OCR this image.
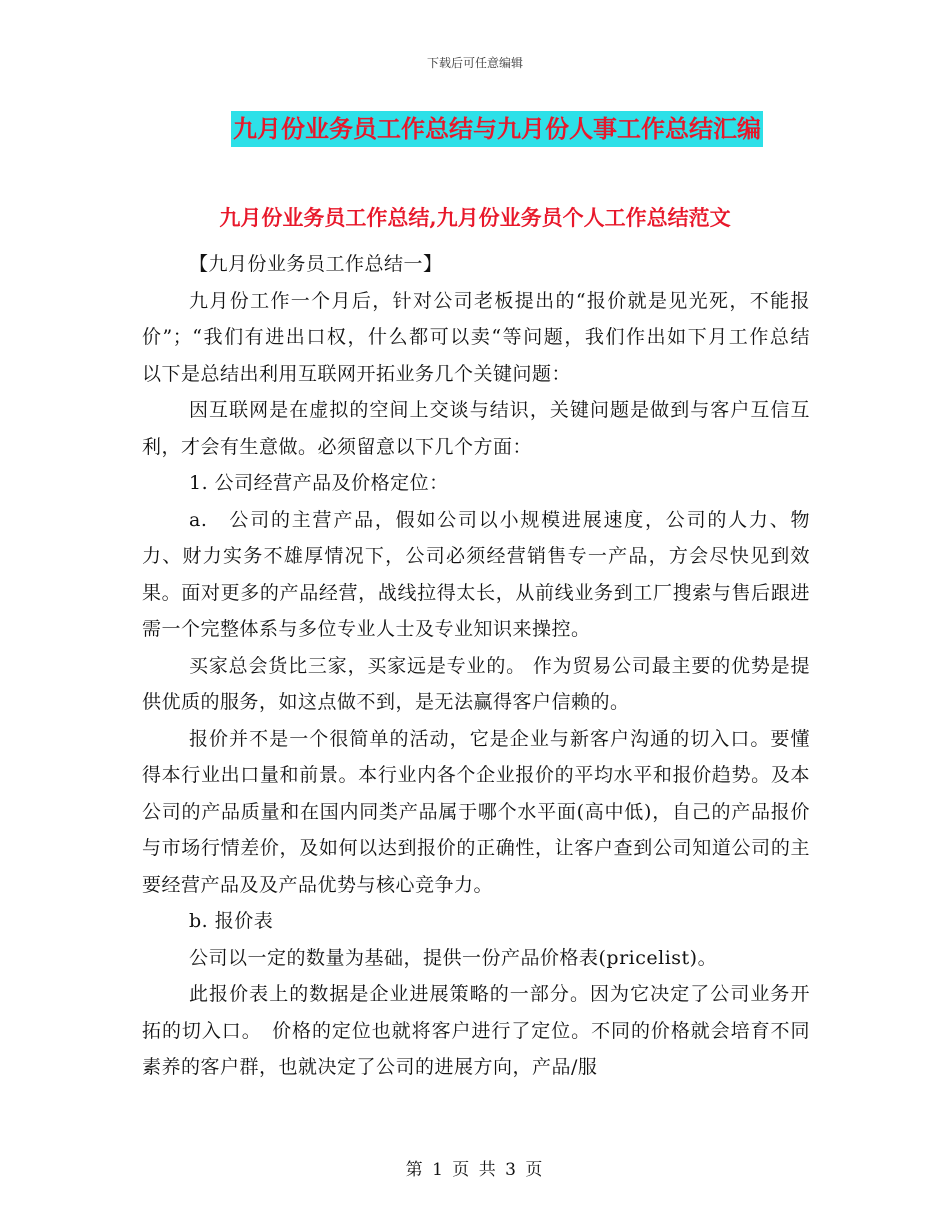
下载后可任意编辑
九月份业务员工作总结与九月份人事工作总结汇编
九月份业务员工作总结,九月份业务员个人工作总结范文

【九月份业务员工作总结一】

九月份工作一个月后，针对公司老板提出的“报价就是见光死，不能报价”；“我们有进出口权，什么都可以卖“等问题，我们作出如下月工作总结　以下是总结出利用互联网开拓业务几个关键问题：

因互联网是在虚拟的空间上交谈与结识，关键问题是做到与客户互信互利，才会有生意做。必须留意以下几个方面：

1. 公司经营产品及价格定位：

a.　公司的主营产品，假如公司以小规模进展速度，公司的人力、物力、财力实务不雄厚情况下，公司必须经营销售专一产品，方会尽快见到效果。面对更多的产品经营，战线拉得太长，从前线业务到工厂搜索与售后跟进需一个完整体系与多位专业人士及专业知识来操控。

买家总会货比三家，买家远是专业的。 作为贸易公司最主要的优势是提供优质的服务，如这点做不到，是无法赢得客户信赖的。

报价并不是一个很简单的活动，它是企业与新客户沟通的切入口。要懂得本行业出口量和前景。本行业内各个企业报价的平均水平和报价趋势。及本公司的产品质量和在国内同类产品属于哪个水平面(高中低)，自己的产品报价与市场行情差价，及如何以达到报价的正确性，让客户查到公司知道公司的主要经营产品及及产品优势与核心竞争力。

b. 报价表

公司以一定的数量为基础，提供一份产品价格表(pricelist)。

此报价表上的数据是企业进展策略的一部分。因为它决定了公司业务开拓的切入口。　价格的定位也就将客户进行了定位。不同的价格就会培育不同素养的客户群，也就决定了公司的进展方向，产品/服

第 1 页 共 3 页
